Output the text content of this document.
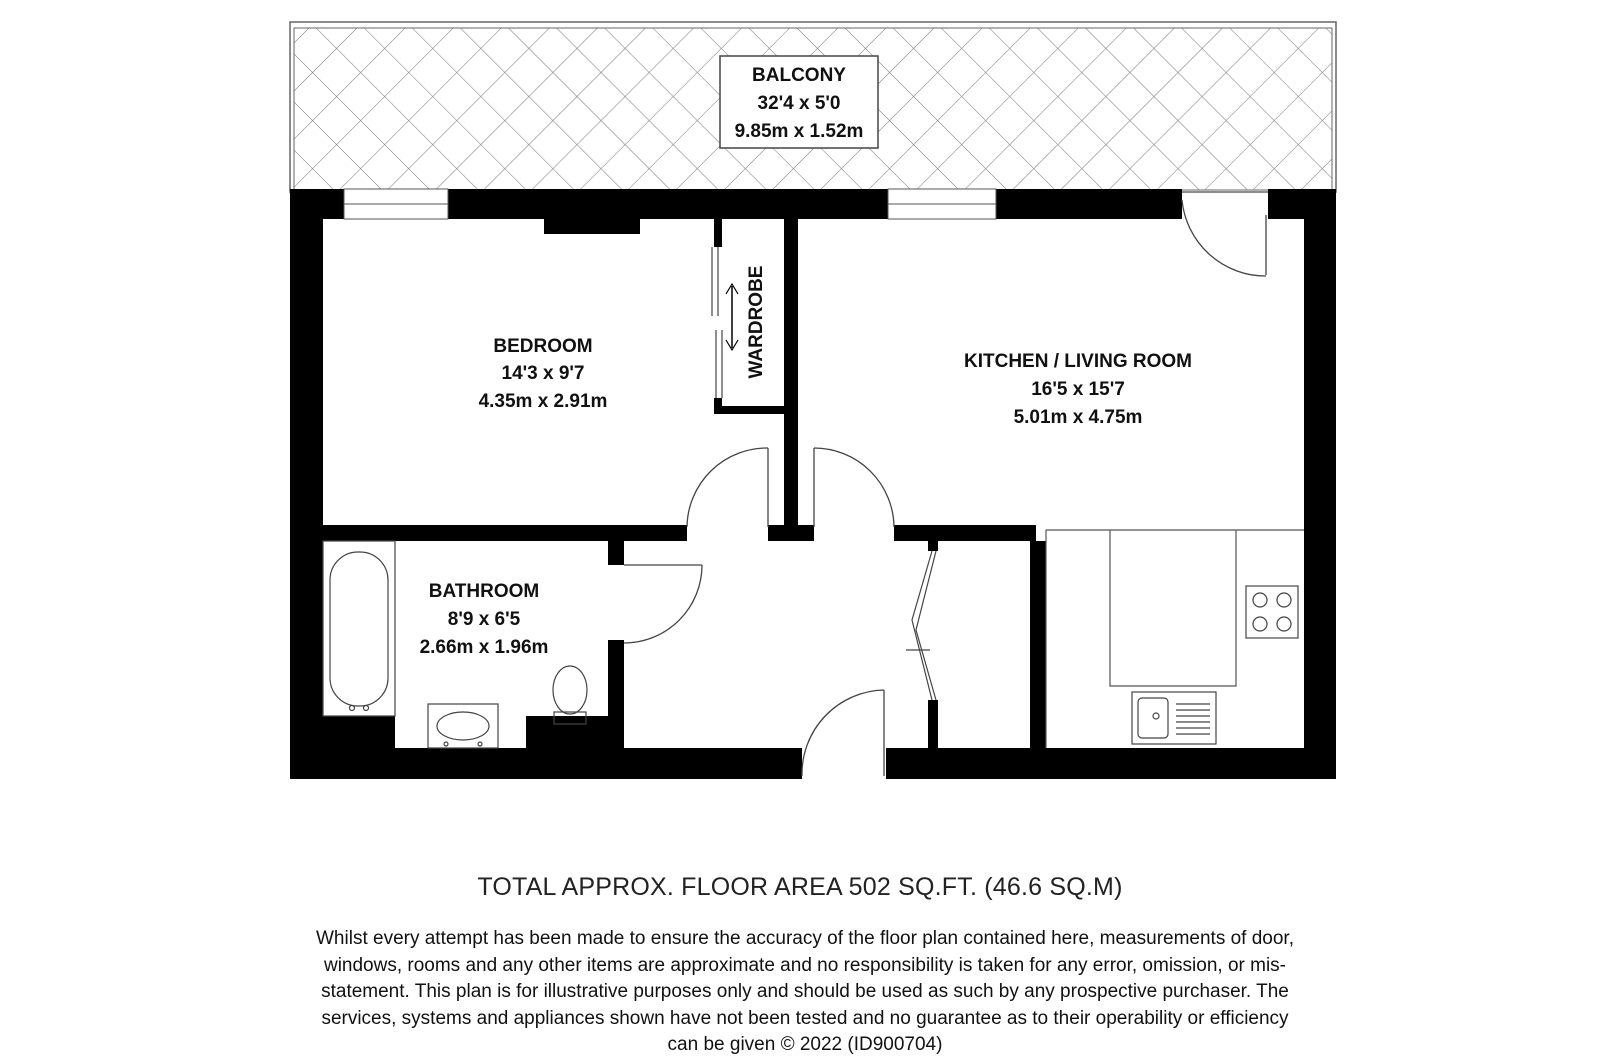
BALCONY
32'4 x 5'0
9.85m x 1.52m
BEDROOM
14'3 x 9'7
4.35m x 2.91m
WARDROBE	KITCHEN / LIVING ROOM
16'5 x 15'7
5.01m x 4.75m
BATHROOM
8'9 x 6'5
2.66m x 1.96m
TOTAL APPROX. FLOOR AREA 502 SQ.FT. (46.6 SQ.M)
Whilst every attempt has been made to ensure the accuracy of the floor plan contained here, measurements of door, windows, rooms and any other items are approximate and no responsibility is taken for any error, omission, or mis-statement. This plan is for illustrative purposes only and should be used as such by any prospective purchaser. The services, systems and appliances shown have not been tested and no guarantee as to their operability or efficiency can be given © 2022 (ID900704)
